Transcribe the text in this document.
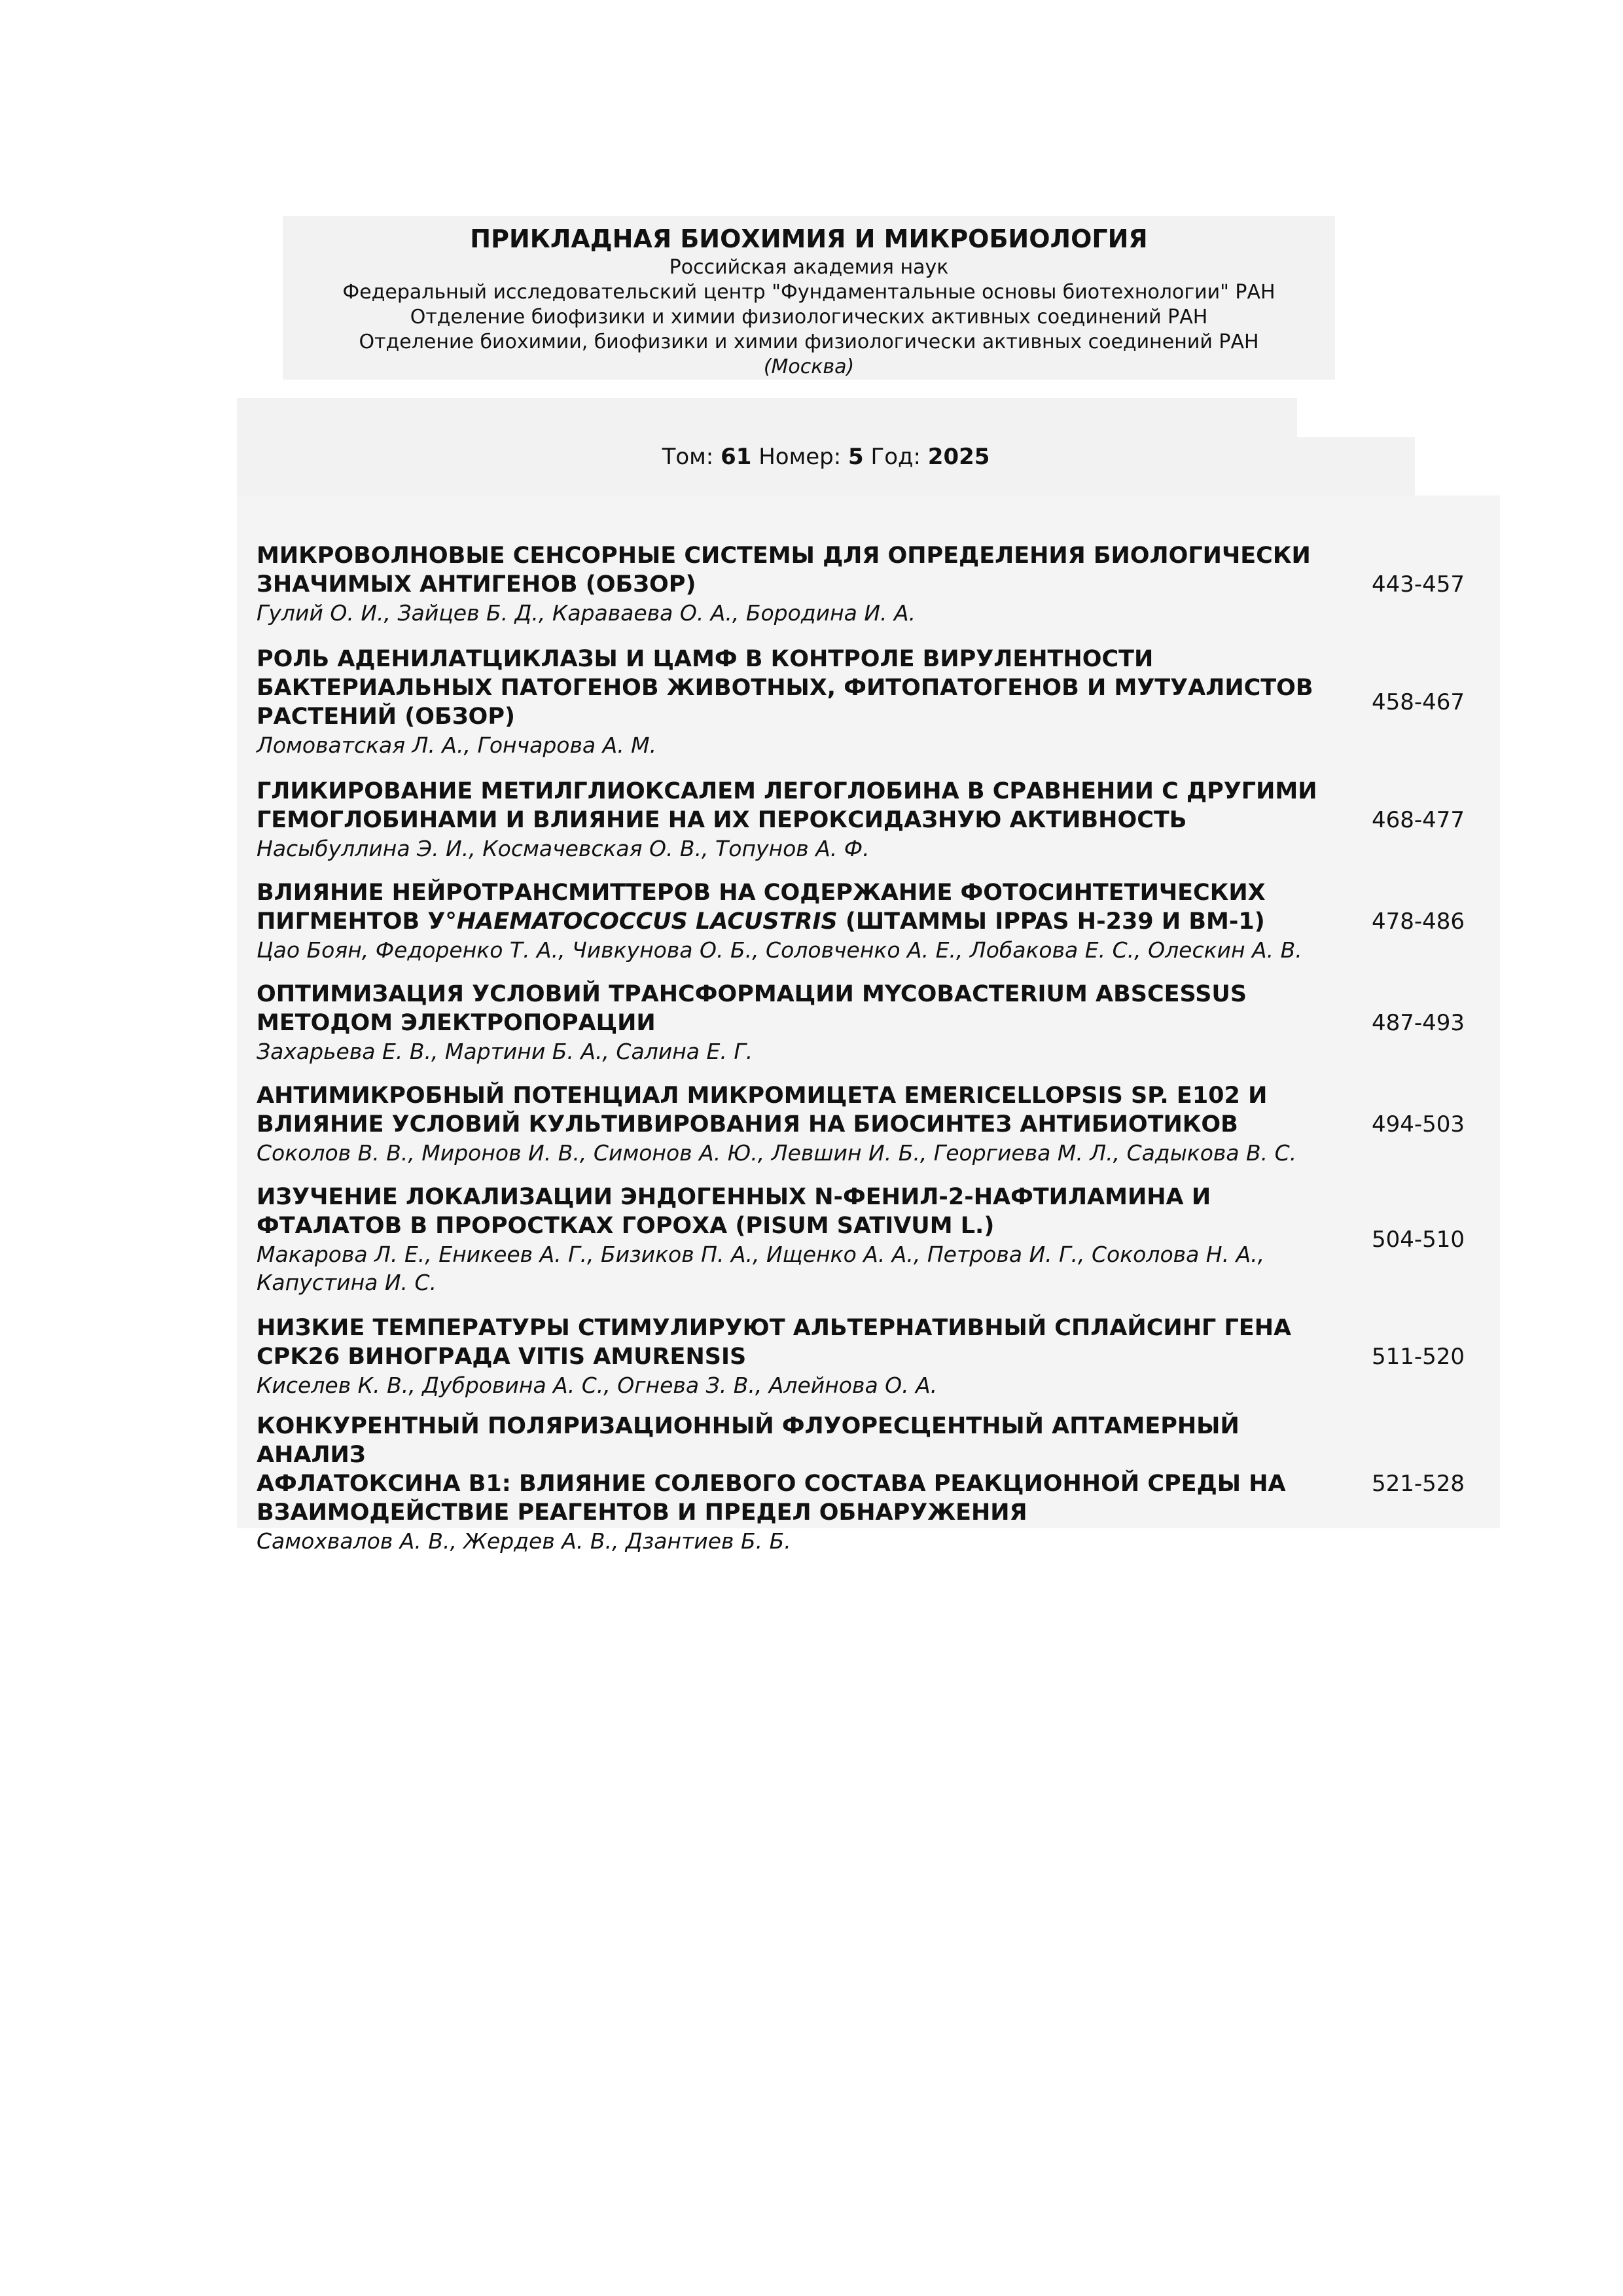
ПРИКЛАДНАЯ БИОХИМИЯ И МИКРОБИОЛОГИЯ
Российская академия наук
Федеральный исследовательский центр "Фундаментальные основы биотехнологии" РАН
Отделение биофизики и химии физиологических активных соединений РАН
Отделение биохимии, биофизики и химии физиологически активных соединений РАН
(Москва)
Том: 61 Номер: 5 Год: 2025
МИКРОВОЛНОВЫЕ СЕНСОРНЫЕ СИСТЕМЫ ДЛЯ ОПРЕДЕЛЕНИЯ БИОЛОГИЧЕСКИ
ЗНАЧИМЫХ АНТИГЕНОВ (ОБЗОР)
Гулий О. И., Зайцев Б. Д., Караваева О. А., Бородина И. А.
443-457
РОЛЬ АДЕНИЛАТЦИКЛАЗЫ И ЦАМФ В КОНТРОЛЕ ВИРУЛЕНТНОСТИ
БАКТЕРИАЛЬНЫХ ПАТОГЕНОВ ЖИВОТНЫХ, ФИТОПАТОГЕНОВ И МУТУАЛИСТОВ
РАСТЕНИЙ (ОБЗОР)
Ломоватская Л. А., Гончарова А. М.
458-467
ГЛИКИРОВАНИЕ МЕТИЛГЛИОКСАЛЕМ ЛЕГОГЛОБИНА В СРАВНЕНИИ С ДРУГИМИ
ГЕМОГЛОБИНАМИ И ВЛИЯНИЕ НА ИХ ПЕРОКСИДАЗНУЮ АКТИВНОСТЬ
Насыбуллина Э. И., Космачевская О. В., Топунов А. Ф.
468-477
ВЛИЯНИЕ НЕЙРОТРАНСМИТТЕРОВ НА СОДЕРЖАНИЕ ФОТОСИНТЕТИЧЕСКИХ
ПИГМЕНТОВ У°HAEMATOCOCCUS LACUSTRIS (ШТАММЫ IPPAS H-239 И BM-1)
Цао Боян, Федоренко Т. А., Чивкунова О. Б., Соловченко А. Е., Лобакова Е. С., Олескин А. В.
478-486
ОПТИМИЗАЦИЯ УСЛОВИЙ ТРАНСФОРМАЦИИ MYCOBACTERIUM ABSCESSUS
МЕТОДОМ ЭЛЕКТРОПОРАЦИИ
Захарьева Е. В., Мартини Б. А., Салина Е. Г.
487-493
АНТИМИКРОБНЫЙ ПОТЕНЦИАЛ МИКРОМИЦЕТА EMERICELLOPSIS SP. E102 И
ВЛИЯНИЕ УСЛОВИЙ КУЛЬТИВИРОВАНИЯ НА БИОСИНТЕЗ АНТИБИОТИКОВ
Соколов В. В., Миронов И. В., Симонов А. Ю., Левшин И. Б., Георгиева М. Л., Садыкова В. С.
494-503
ИЗУЧЕНИЕ ЛОКАЛИЗАЦИИ ЭНДОГЕННЫХ N-ФЕНИЛ-2-НАФТИЛАМИНА И
ФТАЛАТОВ В ПРОРОСТКАХ ГОРОХА (PISUM SATIVUM L.)
Макарова Л. Е., Еникеев А. Г., Бизиков П. А., Ищенко А. А., Петрова И. Г., Соколова Н. А.,
Капустина И. С.
504-510
НИЗКИЕ ТЕМПЕРАТУРЫ СТИМУЛИРУЮТ АЛЬТЕРНАТИВНЫЙ СПЛАЙСИНГ ГЕНА
CPK26 ВИНОГРАДА VITIS AMURENSIS
Киселев К. В., Дубровина А. С., Огнева З. В., Алейнова О. А.
511-520
КОНКУРЕНТНЫЙ ПОЛЯРИЗАЦИОННЫЙ ФЛУОРЕСЦЕНТНЫЙ АПТАМЕРНЫЙ АНАЛИЗ
АФЛАТОКСИНА B1: ВЛИЯНИЕ СОЛЕВОГО СОСТАВА РЕАКЦИОННОЙ СРЕДЫ НА
ВЗАИМОДЕЙСТВИЕ РЕАГЕНТОВ И ПРЕДЕЛ ОБНАРУЖЕНИЯ
Самохвалов А. В., Жердев А. В., Дзантиев Б. Б.
521-528
